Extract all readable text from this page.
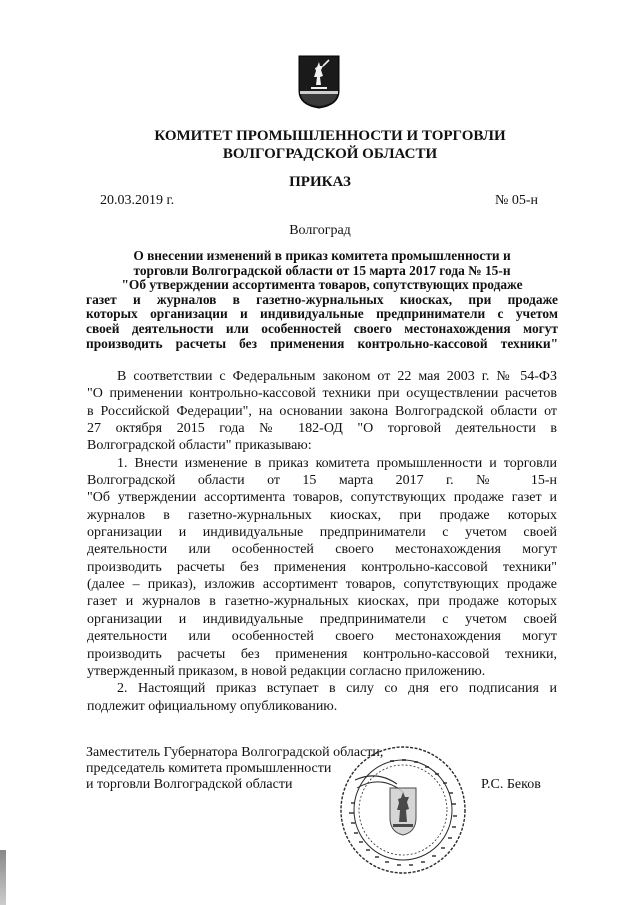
КОМИТЕТ ПРОМЫШЛЕННОСТИ И ТОРГОВЛИ
ВОЛГОГРАДСКОЙ ОБЛАСТИ
ПРИКАЗ
20.03.2019 г.	№ 05-н
Волгоград
О внесении изменений в приказ комитета промышленности и
торговли Волгоградской области от 15 марта 2017 года № 15-н
"Об утверждении ассортимента товаров, сопутствующих продаже
газет и журналов в газетно-журнальных киосках, при продаже
которых организации и индивидуальные предприниматели с учетом
своей деятельности или особенностей своего местонахождения могут
производить расчеты без применения контрольно-кассовой техники"
В соответствии с Федеральным законом от 22 мая 2003 г. № 54-ФЗ
"О применении контрольно-кассовой техники при осуществлении расчетов
в Российской Федерации", на основании закона Волгоградской области от
27 октября 2015 года № 182-ОД "О торговой деятельности в
Волгоградской области" приказываю:
1. Внести изменение в приказ комитета промышленности и торговли
Волгоградской области от 15 марта 2017 г. № 15-н
"Об утверждении ассортимента товаров, сопутствующих продаже газет и
журналов в газетно-журнальных киосках, при продаже которых
организации и индивидуальные предприниматели с учетом своей
деятельности или особенностей своего местонахождения могут
производить расчеты без применения контрольно-кассовой техники"
(далее – приказ), изложив ассортимент товаров, сопутствующих продаже
газет и журналов в газетно-журнальных киосках, при продаже которых
организации и индивидуальные предприниматели с учетом своей
деятельности или особенностей своего местонахождения могут
производить расчеты без применения контрольно-кассовой техники,
утвержденный приказом, в новой редакции согласно приложению.
2. Настоящий приказ вступает в силу со дня его подписания и
подлежит официальному опубликованию.
Заместитель Губернатора Волгоградской области,
председатель комитета промышленности
и торговли Волгоградской области	Р.С. Беков
